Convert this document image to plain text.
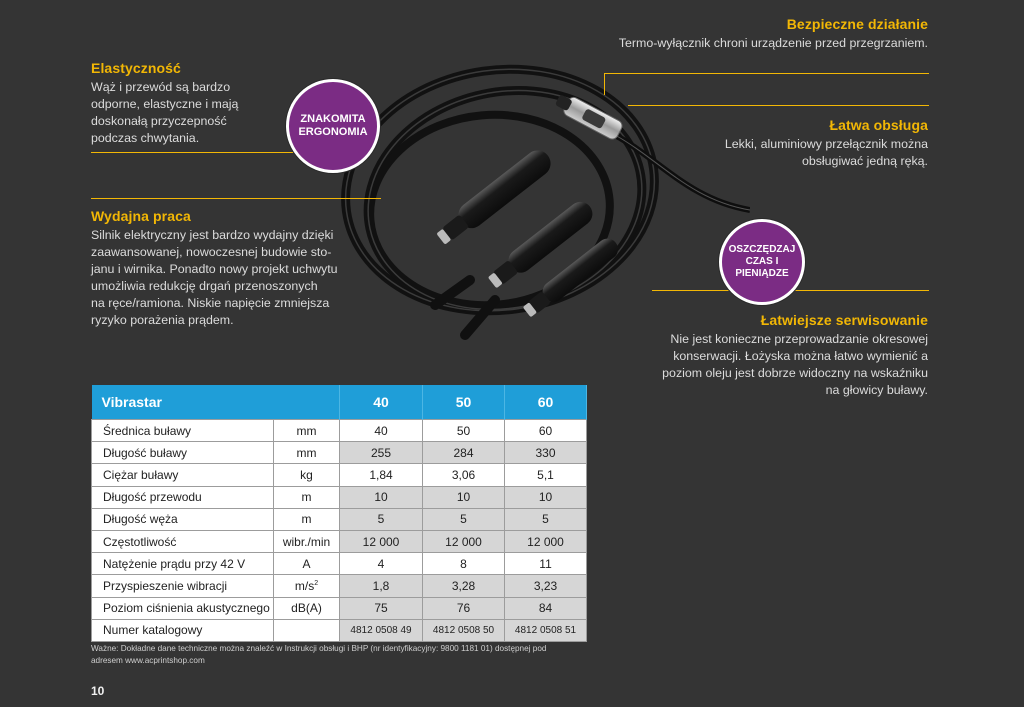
Bezpieczne działanie

Termo-wyłącznik chroni urządzenie przed przegrzaniem.

Elastyczność

Wąż i przewód są bardzo
odporne, elastyczne i mają
doskonałą przyczepność
podczas chwytania.

Łatwa obsługa

Lekki, aluminiowy przełącznik można
obsługiwać jedną ręką.

Wydajna praca

Silnik elektryczny jest bardzo wydajny dzięki
zaawansowanej, nowoczesnej budowie sto-
janu i wirnika. Ponadto nowy projekt uchwytu
umożliwia redukcję drgań przenoszonych
na ręce/ramiona. Niskie napięcie zmniejsza
ryzyko porażenia prądem.	Łatwiejsze serwisowanie

Nie jest konieczne przeprowadzanie okresowej
konserwacji. Łożyska można łatwo wymienić a
poziom oleju jest dobrze widoczny na wskaźniku
na głowicy buławy.

ZNAKOMITA
ERGONOMIA
OSZCZĘDZAJ
CZAS I
PIENIĄDZE
Vibrastar		40	50	60
Średnica buławy	mm	40	50	60
Długość buławy	mm	255	284	330
Ciężar buławy	kg	1,84	3,06	5,1
Długość przewodu	m	10	10	10
Długość węża	m	5	5	5
Częstotliwość	wibr./min	12 000	12 000	12 000
Natężenie prądu przy 42 V	A	4	8	11
Przyspieszenie wibracji	$m/s^2$	1,8	3,28	3,23
Poziom ciśnienia akustycznego	dB(A)	75	76	84
Numer katalogowy		4812 0508 49	4812 0508 50	4812 0508 51
Ważne: Dokładne dane techniczne można znaleźć w Instrukcji obsługi i BHP (nr identyfikacyjny: 9800 1181 01) dostępnej pod
adresem www.acprintshop.com
10
